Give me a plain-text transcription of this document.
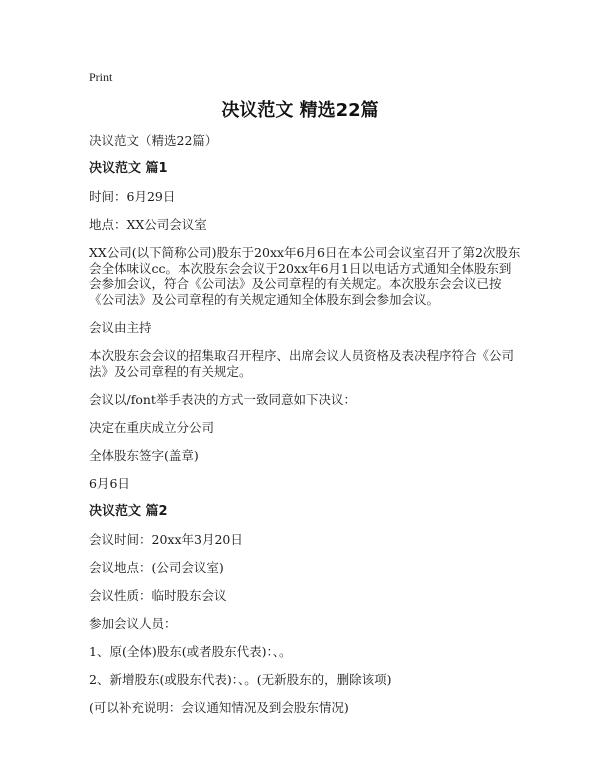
Print
决议范文 精选22篇
决议范文（精选22篇）
决议范文 篇1
时间：6月29日
地点：XX公司会议室
XX公司(以下简称公司)股东于20xx年6月6日在本公司会议室召开了第2次股东会全体味议cc。本次股东会会议于20xx年6月1日以电话方式通知全体股东到会参加会议，符合《公司法》及公司章程的有关规定。本次股东会会议已按《公司法》及公司章程的有关规定通知全体股东到会参加会议。
会议由主持
本次股东会会议的招集取召开程序、出席会议人员资格及表决程序符合《公司法》及公司章程的有关规定。
会议以/font举手表决的方式一致同意如下决议：
决定在重庆成立分公司
全体股东签字(盖章)
6月6日
决议范文 篇2
会议时间：20xx年3月20日
会议地点：(公司会议室)
会议性质：临时股东会议
参加会议人员：
1、原(全体)股东(或者股东代表)：、。
2、新增股东(或股东代表)：、。(无新股东的，删除该项)
(可以补充说明：会议通知情况及到会股东情况)
